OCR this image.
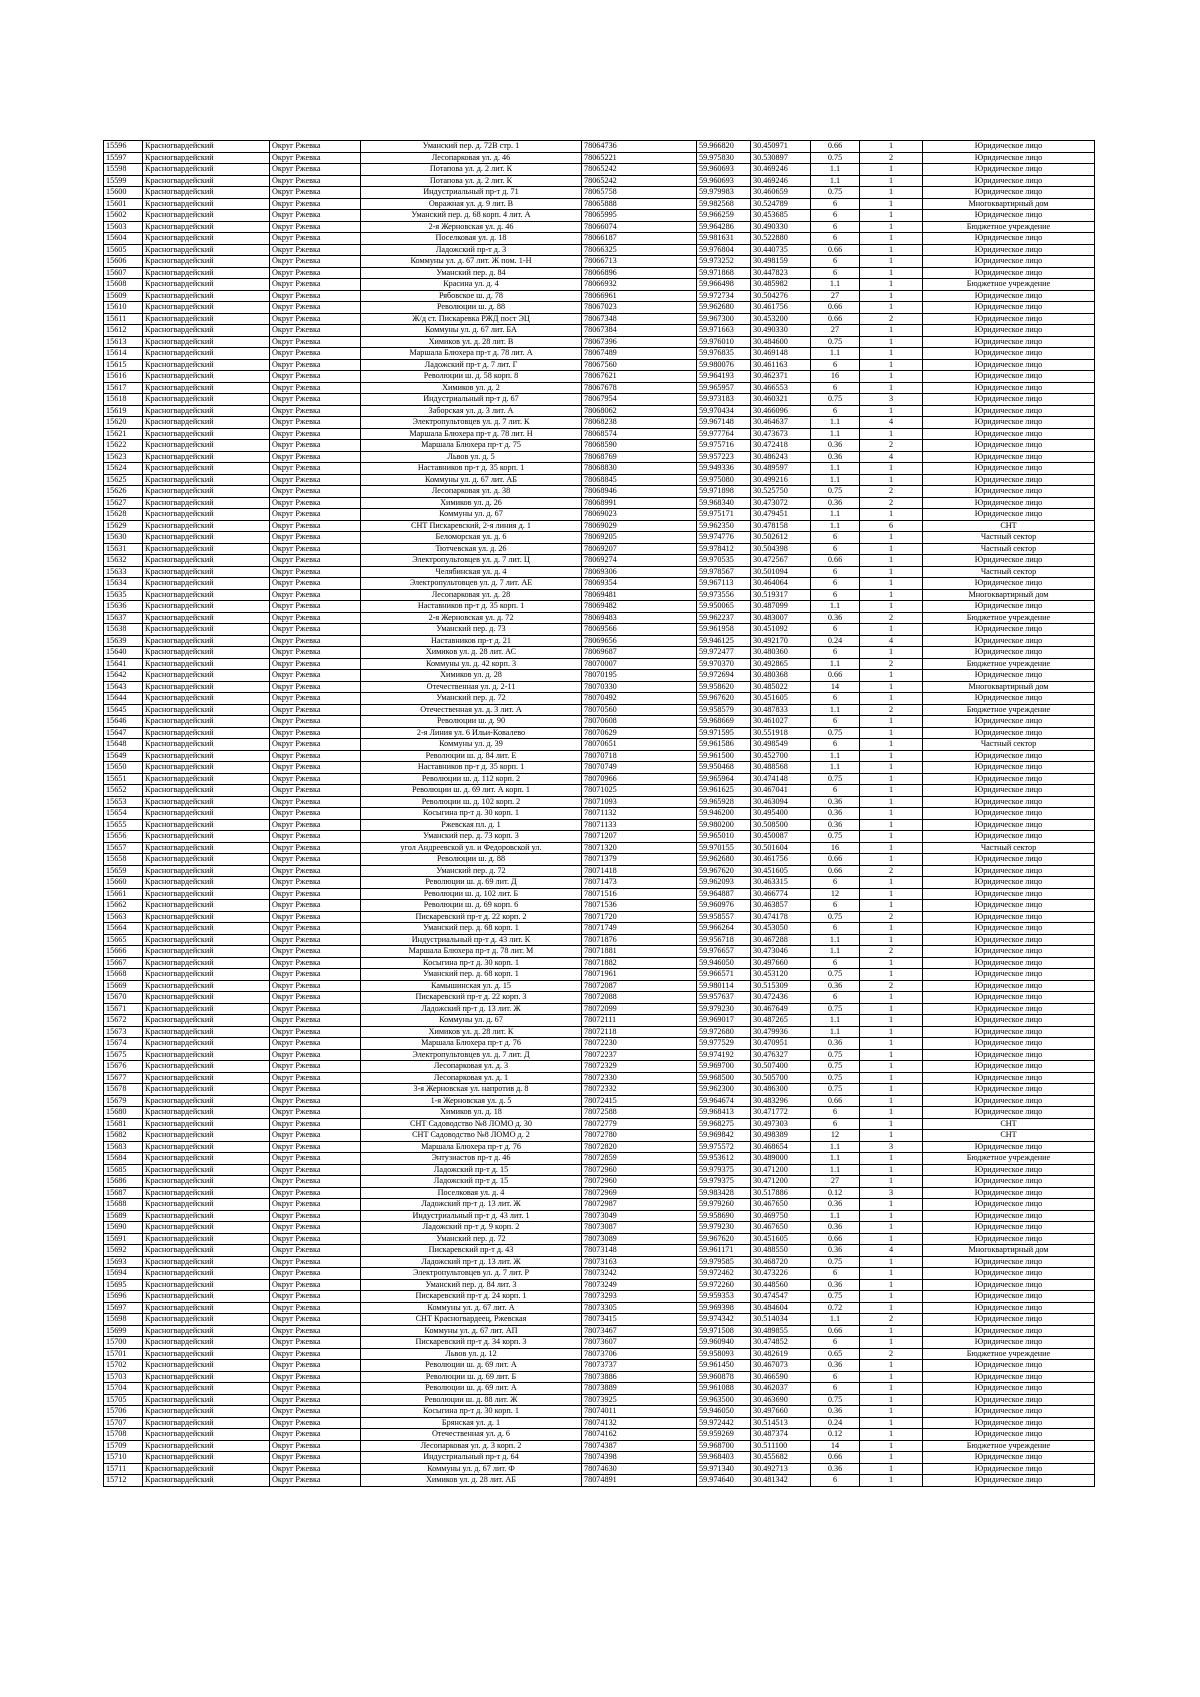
15596	Красногвардейский	Округ Ржевка	Уманский пер. д. 72В стр. 1	78064736	59.966820	30.450971	0.66	1	Юридическое лицо
15597	Красногвардейский	Округ Ржевка	Лесопарковая ул. д. 46	78065221	59.975830	30.530897	0.75	2	Юридическое лицо
15598	Красногвардейский	Округ Ржевка	Потапова ул. д. 2 лит. К	78065242	59.960693	30.469246	1.1	1	Юридическое лицо
15599	Красногвардейский	Округ Ржевка	Потапова ул. д. 2 лит. К	78065242	59.960693	30.469246	1.1	1	Юридическое лицо
15600	Красногвардейский	Округ Ржевка	Индустриальный пр-т д. 71	78065758	59.979983	30.460659	0.75	1	Юридическое лицо
15601	Красногвардейский	Округ Ржевка	Овражная ул. д. 9 лит. В	78065888	59.982568	30.524789	6	1	Многоквартирный дом
15602	Красногвардейский	Округ Ржевка	Уманский пер. д. 68 корп. 4 лит. А	78065995	59.966259	30.453685	6	1	Юридическое лицо
15603	Красногвардейский	Округ Ржевка	2-я Жерновская ул. д. 46	78066074	59.964286	30.490330	6	1	Бюджетное учреждение
15604	Красногвардейский	Округ Ржевка	Поселковая ул. д. 18	78066187	59.981631	30.522880	6	1	Юридическое лицо
15605	Красногвардейский	Округ Ржевка	Ладожский пр-т д. 3	78066325	59.976804	30.440735	0.66	1	Юридическое лицо
15606	Красногвардейский	Округ Ржевка	Коммуны ул. д. 67 лит. Ж пом. 1-Н	78066713	59.973252	30.498159	6	1	Юридическое лицо
15607	Красногвардейский	Округ Ржевка	Уманский пер. д. 84	78066896	59.971868	30.447823	6	1	Юридическое лицо
15608	Красногвардейский	Округ Ржевка	Красина ул. д. 4	78066932	59.966498	30.485982	1.1	1	Бюджетное учреждение
15609	Красногвардейский	Округ Ржевка	Рябовское ш. д. 78	78066961	59.972734	30.504276	27	1	Юридическое лицо
15610	Красногвардейский	Округ Ржевка	Революции ш. д. 88	78067023	59.962680	30.461756	0.66	1	Юридическое лицо
15611	Красногвардейский	Округ Ржевка	Ж/д ст. Пискаревка РЖД пост ЭЦ	78067348	59.967300	30.453200	0.66	2	Юридическое лицо
15612	Красногвардейский	Округ Ржевка	Коммуны ул. д. 67 лит. БА	78067384	59.971663	30.490330	27	1	Юридическое лицо
15613	Красногвардейский	Округ Ржевка	Химиков ул. д. 28 лит. В	78067396	59.976010	30.484600	0.75	1	Юридическое лицо
15614	Красногвардейский	Округ Ржевка	Маршала Блюхера пр-т д. 78 лит. А	78067489	59.976835	30.469148	1.1	1	Юридическое лицо
15615	Красногвардейский	Округ Ржевка	Ладожский пр-т д. 7 лит. Г	78067560	59.980076	30.461163	6	1	Юридическое лицо
15616	Красногвардейский	Округ Ржевка	Революции ш. д. 58 корп. 8	78067621	59.964193	30.462371	16	1	Юридическое лицо
15617	Красногвардейский	Округ Ржевка	Химиков ул. д. 2	78067678	59.965957	30.466553	6	1	Юридическое лицо
15618	Красногвардейский	Округ Ржевка	Индустриальный пр-т д. 67	78067954	59.973183	30.460321	0.75	3	Юридическое лицо
15619	Красногвардейский	Округ Ржевка	Заборская ул. д. 3 лит. А	78068062	59.970434	30.466096	6	1	Юридическое лицо
15620	Красногвардейский	Округ Ржевка	Электропультовцев ул. д. 7 лит. К	78068238	59.967148	30.464637	1.1	4	Юридическое лицо
15621	Красногвардейский	Округ Ржевка	Маршала Блюхера пр-т д. 78 лит. Н	78068574	59.977764	30.473673	1.1	1	Юридическое лицо
15622	Красногвардейский	Округ Ржевка	Маршала Блюхера пр-т д. 75	78068590	59.975716	30.472418	0.36	2	Юридическое лицо
15623	Красногвардейский	Округ Ржевка	Львов ул. д. 5	78068769	59.957223	30.486243	0.36	4	Юридическое лицо
15624	Красногвардейский	Округ Ржевка	Наставников пр-т д. 35 корп. 1	78068830	59.949336	30.489597	1.1	1	Юридическое лицо
15625	Красногвардейский	Округ Ржевка	Коммуны ул. д. 67 лит. АБ	78068845	59.975080	30.499216	1.1	1	Юридическое лицо
15626	Красногвардейский	Округ Ржевка	Лесопарковая ул. д. 38	78068946	59.971898	30.525750	0.75	2	Юридическое лицо
15627	Красногвардейский	Округ Ржевка	Химиков ул. д. 26	78068991	59.968340	30.473072	0.36	2	Юридическое лицо
15628	Красногвардейский	Округ Ржевка	Коммуны ул. д. 67	78069023	59.975171	30.479451	1.1	1	Юридическое лицо
15629	Красногвардейский	Округ Ржевка	СНТ Пискаревский, 2-я линия д. 1	78069029	59.962350	30.478158	1.1	6	СНТ
15630	Красногвардейский	Округ Ржевка	Беломорская ул. д. 6	78069205	59.974776	30.502612	6	1	Частный сектор
15631	Красногвардейский	Округ Ржевка	Тютчевская ул. д. 26	78069207	59.978412	30.504398	6	1	Частный сектор
15632	Красногвардейский	Округ Ржевка	Электропультовцев ул. д. 7 лит. Ц	78069274	59.970535	30.472567	0.66	1	Юридическое лицо
15633	Красногвардейский	Округ Ржевка	Челябинская ул. д. 4	78069306	59.978567	30.501094	6	1	Частный сектор
15634	Красногвардейский	Округ Ржевка	Электропультовцев ул. д. 7 лит. АЕ	78069354	59.967113	30.464064	6	1	Юридическое лицо
15635	Красногвардейский	Округ Ржевка	Лесопарковая ул. д. 28	78069481	59.973556	30.519317	6	1	Многоквартирный дом
15636	Красногвардейский	Округ Ржевка	Наставников пр-т д. 35 корп. 1	78069482	59.950065	30.487099	1.1	1	Юридическое лицо
15637	Красногвардейский	Округ Ржевка	2-я Жерновская ул. д. 72	78069483	59.962237	30.483007	0.36	2	Бюджетное учреждение
15638	Красногвардейский	Округ Ржевка	Уманский пер. д. 73	78069566	59.961958	30.451092	6	1	Юридическое лицо
15639	Красногвардейский	Округ Ржевка	Наставников пр-т д. 21	78069656	59.946125	30.492170	0.24	4	Юридическое лицо
15640	Красногвардейский	Округ Ржевка	Химиков ул. д. 28 лит. АС	78069687	59.972477	30.480360	6	1	Юридическое лицо
15641	Красногвардейский	Округ Ржевка	Коммуны ул. д. 42 корп. 3	78070007	59.970370	30.492865	1.1	2	Бюджетное учреждение
15642	Красногвардейский	Округ Ржевка	Химиков ул. д. 28	78070195	59.972694	30.480368	0.66	1	Юридическое лицо
15643	Красногвардейский	Округ Ржевка	Отечественная ул. д. 2-11	78070330	59.958620	30.485022	14	1	Многоквартирный дом
15644	Красногвардейский	Округ Ржевка	Уманский пер. д. 72	78070492	59.967620	30.451605	6	1	Юридическое лицо
15645	Красногвардейский	Округ Ржевка	Отечественная ул. д. 3 лит. А	78070560	59.958579	30.487833	1.1	2	Бюджетное учреждение
15646	Красногвардейский	Округ Ржевка	Революции ш. д. 90	78070608	59.968669	30.461027	6	1	Юридическое лицо
15647	Красногвардейский	Округ Ржевка	2-я Линия ул. 6 Ильи-Ковалево	78070629	59.971595	30.551918	0.75	1	Юридическое лицо
15648	Красногвардейский	Округ Ржевка	Коммуны ул. д. 39	78070651	59.961586	30.498549	6	1	Частный сектор
15649	Красногвардейский	Округ Ржевка	Революции ш. д. 84 лит. Е	78070718	59.961500	30.452700	1.1	1	Юридическое лицо
15650	Красногвардейский	Округ Ржевка	Наставников пр-т д. 35 корп. 1	78070749	59.950468	30.488568	1.1	1	Юридическое лицо
15651	Красногвардейский	Округ Ржевка	Революции ш. д. 112 корп. 2	78070966	59.965964	30.474148	0.75	1	Юридическое лицо
15652	Красногвардейский	Округ Ржевка	Революции ш. д. 69 лит. А корп. 1	78071025	59.961625	30.467041	6	1	Юридическое лицо
15653	Красногвардейский	Округ Ржевка	Революции ш. д. 102 корп. 2	78071093	59.965928	30.463094	0.36	1	Юридическое лицо
15654	Красногвардейский	Округ Ржевка	Косыгина пр-т д. 30 корп. 1	78071132	59.946200	30.495400	0.36	1	Юридическое лицо
15655	Красногвардейский	Округ Ржевка	Ржевская пл. д. 1	78071133	59.980200	30.508500	0.36	1	Юридическое лицо
15656	Красногвардейский	Округ Ржевка	Уманский пер. д. 73 корп. 3	78071207	59.965010	30.450087	0.75	1	Юридическое лицо
15657	Красногвардейский	Округ Ржевка	угол Андреевской ул. и Федоровской ул.	78071320	59.970155	30.501604	16	1	Частный сектор
15658	Красногвардейский	Округ Ржевка	Революции ш. д. 88	78071379	59.962680	30.461756	0.66	1	Юридическое лицо
15659	Красногвардейский	Округ Ржевка	Уманский пер. д. 72	78071418	59.967620	30.451605	0.66	2	Юридическое лицо
15660	Красногвардейский	Округ Ржевка	Революции ш. д. 69 лит. Д	78071473	59.962093	30.463315	6	1	Юридическое лицо
15661	Красногвардейский	Округ Ржевка	Революции ш. д. 102 лит. Б	78071516	59.964887	30.466774	12	1	Юридическое лицо
15662	Красногвардейский	Округ Ржевка	Революции ш. д. 69 корп. 6	78071536	59.960976	30.463857	6	1	Юридическое лицо
15663	Красногвардейский	Округ Ржевка	Пискаревский пр-т д. 22 корп. 2	78071720	59.958557	30.474178	0.75	2	Юридическое лицо
15664	Красногвардейский	Округ Ржевка	Уманский пер. д. 68 корп. 1	78071749	59.966264	30.453050	6	1	Юридическое лицо
15665	Красногвардейский	Округ Ржевка	Индустриальный пр-т д. 43 лит. К	78071876	59.956718	30.467288	1.1	1	Юридическое лицо
15666	Красногвардейский	Округ Ржевка	Маршала Блюхера пр-т д. 78 лит. М	78071881	59.976657	30.473046	1.1	2	Юридическое лицо
15667	Красногвардейский	Округ Ржевка	Косыгина пр-т д. 30 корп. 1	78071882	59.946050	30.497660	6	1	Юридическое лицо
15668	Красногвардейский	Округ Ржевка	Уманский пер. д. 68 корп. 1	78071961	59.966571	30.453120	0.75	1	Юридическое лицо
15669	Красногвардейский	Округ Ржевка	Камышинская ул. д. 15	78072087	59.980114	30.515309	0.36	2	Юридическое лицо
15670	Красногвардейский	Округ Ржевка	Пискаревский пр-т д. 22 корп. 3	78072088	59.957637	30.472436	6	1	Юридическое лицо
15671	Красногвардейский	Округ Ржевка	Ладожский пр-т д. 13 лит. Ж	78072099	59.979230	30.467649	0.75	1	Юридическое лицо
15672	Красногвардейский	Округ Ржевка	Коммуны ул. д. 67	78072111	59.969017	30.487265	1.1	1	Юридическое лицо
15673	Красногвардейский	Округ Ржевка	Химиков ул. д. 28 лит. К	78072118	59.972680	30.479936	1.1	1	Юридическое лицо
15674	Красногвардейский	Округ Ржевка	Маршала Блюхера пр-т д. 76	78072230	59.977529	30.470951	0.36	1	Юридическое лицо
15675	Красногвардейский	Округ Ржевка	Электропультовцев ул. д. 7 лит. Д	78072237	59.974192	30.476327	0.75	1	Юридическое лицо
15676	Красногвардейский	Округ Ржевка	Лесопарковая ул. д. 3	78072329	59.969700	30.507400	0.75	1	Юридическое лицо
15677	Красногвардейский	Округ Ржевка	Лесопарковая ул. д. 1	78072330	59.968500	30.505700	0.75	1	Юридическое лицо
15678	Красногвардейский	Округ Ржевка	3-я Жерновская ул. напротив д. 8	78072332	59.962300	30.486300	0.75	1	Юридическое лицо
15679	Красногвардейский	Округ Ржевка	1-я Жерновская ул. д. 5	78072415	59.964674	30.483296	0.66	1	Юридическое лицо
15680	Красногвардейский	Округ Ржевка	Химиков ул. д. 18	78072588	59.968413	30.471772	6	1	Юридическое лицо
15681	Красногвардейский	Округ Ржевка	СНТ Садоводство №8 ЛОМО д. 30	78072779	59.968275	30.497303	6	1	СНТ
15682	Красногвардейский	Округ Ржевка	СНТ Садоводство №8 ЛОМО д. 2	78072780	59.969842	30.498389	12	1	СНТ
15683	Красногвардейский	Округ Ржевка	Маршала Блюхера пр-т д. 76	78072820	59.975572	30.468654	1.1	3	Юридическое лицо
15684	Красногвардейский	Округ Ржевка	Энтузиастов пр-т д. 46	78072859	59.953612	30.489000	1.1	1	Бюджетное учреждение
15685	Красногвардейский	Округ Ржевка	Ладожский пр-т д. 15	78072960	59.979375	30.471200	1.1	1	Юридическое лицо
15686	Красногвардейский	Округ Ржевка	Ладожский пр-т д. 15	78072960	59.979375	30.471200	27	1	Юридическое лицо
15687	Красногвардейский	Округ Ржевка	Поселковая ул. д. 4	78072969	59.983428	30.517886	0.12	3	Юридическое лицо
15688	Красногвардейский	Округ Ржевка	Ладожский пр-т д. 13 лит. Ж	78072987	59.979260	30.467650	0.36	1	Юридическое лицо
15689	Красногвардейский	Округ Ржевка	Индустриальный пр-т д. 43 лит. 1	78073049	59.958690	30.469750	1.1	1	Юридическое лицо
15690	Красногвардейский	Округ Ржевка	Ладожский пр-т д. 9 корп. 2	78073087	59.979230	30.467650	0.36	1	Юридическое лицо
15691	Красногвардейский	Округ Ржевка	Уманский пер. д. 72	78073089	59.967620	30.451605	0.66	1	Юридическое лицо
15692	Красногвардейский	Округ Ржевка	Пискаревский пр-т д. 43	78073148	59.961171	30.488550	0.36	4	Многоквартирный дом
15693	Красногвардейский	Округ Ржевка	Ладожский пр-т д. 13 лит. Ж	78073163	59.979585	30.468720	0.75	1	Юридическое лицо
15694	Красногвардейский	Округ Ржевка	Электропультовцев ул. д. 7 лит. Р	78073242	59.972462	30.473226	6	1	Юридическое лицо
15695	Красногвардейский	Округ Ржевка	Уманский пер. д. 84 лит. 3	78073249	59.972260	30.448560	0.36	1	Юридическое лицо
15696	Красногвардейский	Округ Ржевка	Пискаревский пр-т д. 24 корп. 1	78073293	59.959353	30.474547	0.75	1	Юридическое лицо
15697	Красногвардейский	Округ Ржевка	Коммуны ул. д. 67 лит. А	78073305	59.969398	30.484604	0.72	1	Юридическое лицо
15698	Красногвардейский	Округ Ржевка	СНТ Красногвардеец, Ржевская	78073415	59.974342	30.514034	1.1	2	Юридическое лицо
15699	Красногвардейский	Округ Ржевка	Коммуны ул. д. 67 лит. АП	78073467	59.971508	30.489855	0.66	1	Юридическое лицо
15700	Красногвардейский	Округ Ржевка	Пискаревский пр-т д. 34 корп. 3	78073607	59.960940	30.474852	6	1	Юридическое лицо
15701	Красногвардейский	Округ Ржевка	Львов ул. д. 12	78073706	59.958093	30.482619	0.65	2	Бюджетное учреждение
15702	Красногвардейский	Округ Ржевка	Революции ш. д. 69 лит. А	78073737	59.961450	30.467073	0.36	1	Юридическое лицо
15703	Красногвардейский	Округ Ржевка	Революции ш. д. 69 лит. Б	78073886	59.960878	30.466590	6	1	Юридическое лицо
15704	Красногвардейский	Округ Ржевка	Революции ш. д. 69 лит. А	78073889	59.961088	30.462037	6	1	Юридическое лицо
15705	Красногвардейский	Округ Ржевка	Революции ш. д. 88 лит. Ж	78073925	59.963500	30.463690	0.75	1	Юридическое лицо
15706	Красногвардейский	Округ Ржевка	Косыгина пр-т д. 30 корп. 1	78074011	59.946050	30.497660	0.36	1	Юридическое лицо
15707	Красногвардейский	Округ Ржевка	Брянская ул. д. 1	78074132	59.972442	30.514513	0.24	1	Юридическое лицо
15708	Красногвардейский	Округ Ржевка	Отечественная ул. д. 6	78074162	59.959269	30.487374	0.12	1	Юридическое лицо
15709	Красногвардейский	Округ Ржевка	Лесопарковая ул. д. 3 корп. 2	78074387	59.968700	30.511100	14	1	Бюджетное учреждение
15710	Красногвардейский	Округ Ржевка	Индустриальный пр-т д. 64	78074398	59.968403	30.455682	0.66	1	Юридическое лицо
15711	Красногвардейский	Округ Ржевка	Коммуны ул. д. 67 лит. Ф	78074630	59.971340	30.492713	0.36	1	Юридическое лицо
15712	Красногвардейский	Округ Ржевка	Химиков ул. д. 28 лит. АБ	78074891	59.974640	30.481342	6	1	Юридическое лицо
